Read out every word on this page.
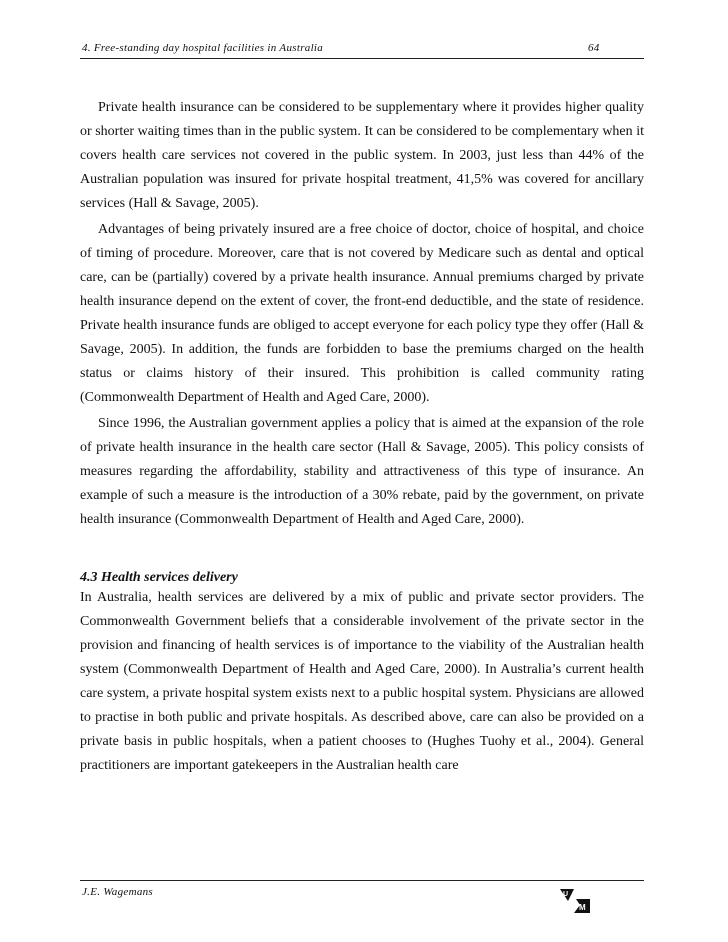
4. Free-standing day hospital facilities in Australia	64

Private health insurance can be considered to be supplementary where it provides higher quality or shorter waiting times than in the public system. It can be considered to be complementary when it covers health care services not covered in the public system. In 2003, just less than 44% of the Australian population was insured for private hospital treatment, 41,5% was covered for ancillary services (Hall & Savage, 2005).

Advantages of being privately insured are a free choice of doctor, choice of hospital, and choice of timing of procedure. Moreover, care that is not covered by Medicare such as dental and optical care, can be (partially) covered by a private health insurance. Annual premiums charged by private health insurance depend on the extent of cover, the front-end deductible, and the state of residence. Private health insurance funds are obliged to accept everyone for each policy type they offer (Hall & Savage, 2005). In addition, the funds are forbidden to base the premiums charged on the health status or claims history of their insured. This prohibition is called community rating (Commonwealth Department of Health and Aged Care, 2000).

Since 1996, the Australian government applies a policy that is aimed at the expansion of the role of private health insurance in the health care sector (Hall & Savage, 2005). This policy consists of measures regarding the affordability, stability and attractiveness of this type of insurance. An example of such a measure is the introduction of a 30% rebate, paid by the government, on private health insurance (Commonwealth Department of Health and Aged Care, 2000).

4.3 Health services delivery

In Australia, health services are delivered by a mix of public and private sector providers. The Commonwealth Government beliefs that a considerable involvement of the private sector in the provision and financing of health services is of importance to the viability of the Australian health system (Commonwealth Department of Health and Aged Care, 2000). In Australia’s current health care system, a private hospital system exists next to a public hospital system. Physicians are allowed to practise in both public and private hospitals. As described above, care can also be provided on a private basis in public hospitals, when a patient chooses to (Hughes Tuohy et al., 2004). General practitioners are important gatekeepers in the Australian health care

J.E. Wagemans	U
M
